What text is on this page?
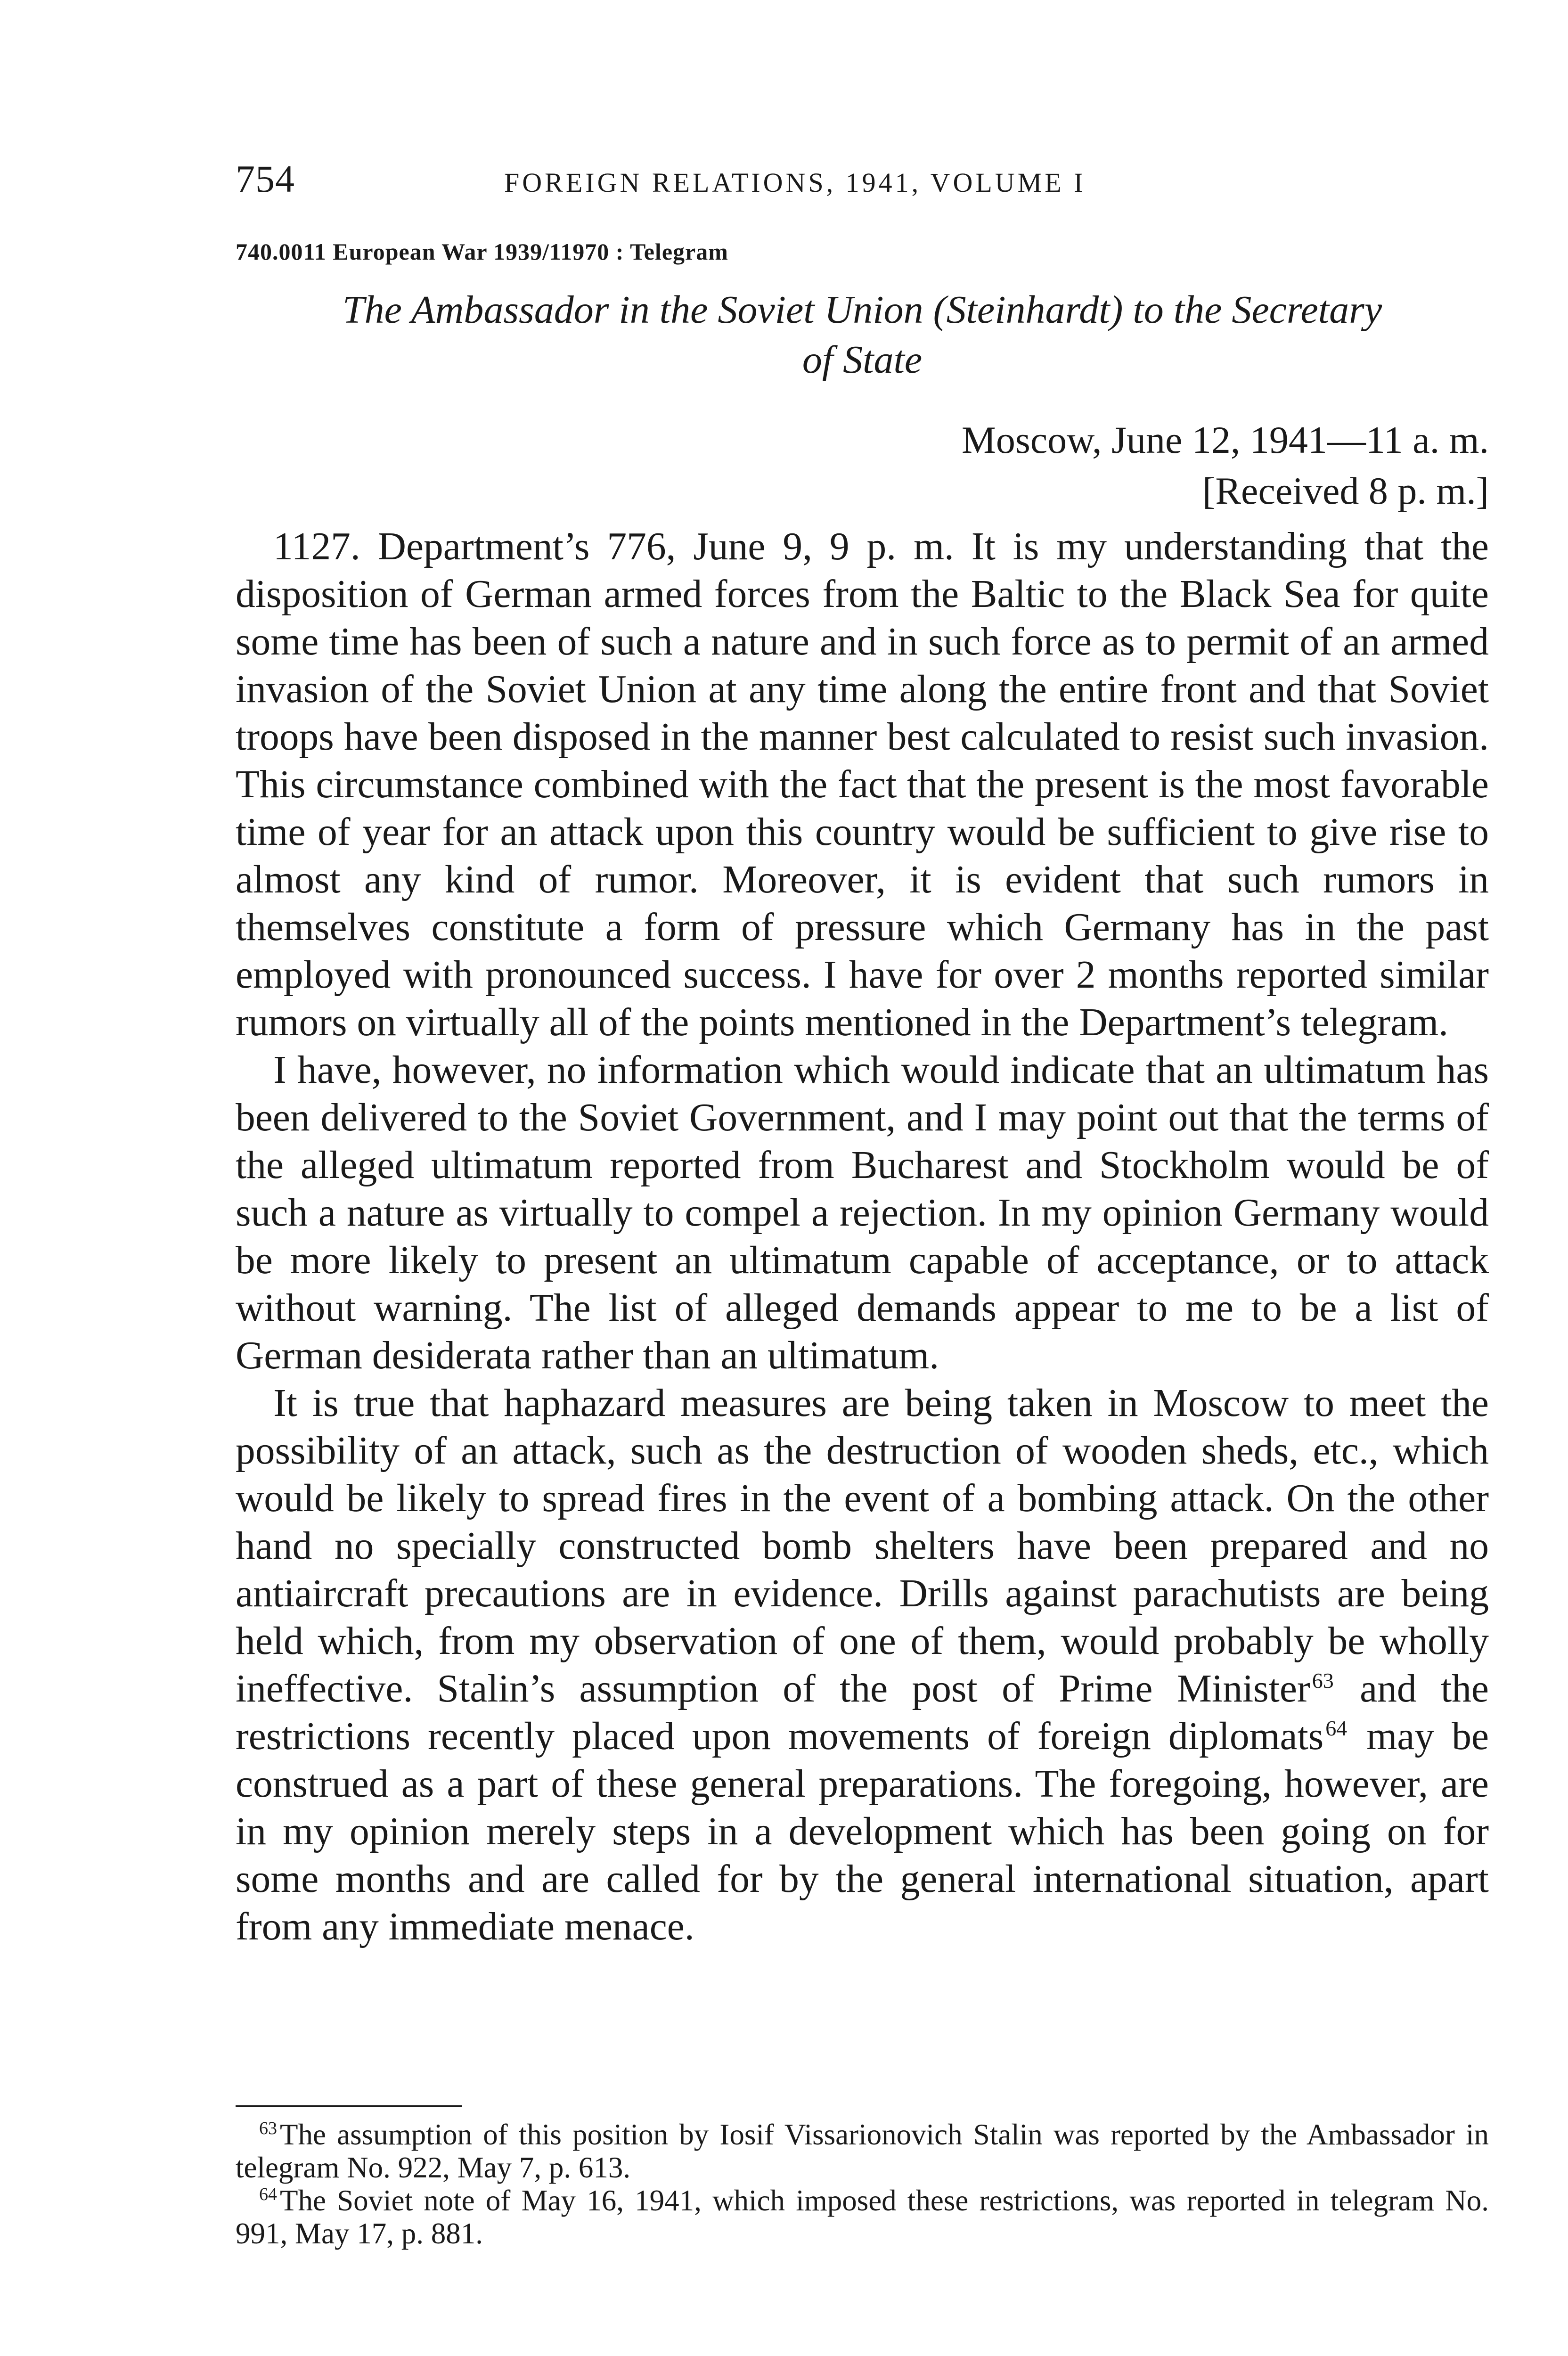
754	FOREIGN RELATIONS, 1941, VOLUME I
740.0011 European War 1939/11970 : Telegram
The Ambassador in the Soviet Union (Steinhardt) to the Secretary
of State
Moscow, June 12, 1941—11 a. m.
[Received 8 p. m.]

1127. Department’s 776, June 9, 9 p. m. It is my understanding that the disposition of German armed forces from the Baltic to the Black Sea for quite some time has been of such a nature and in such force as to permit of an armed invasion of the Soviet Union at any time along the entire front and that Soviet troops have been disposed in the manner best calculated to resist such invasion. This circumstance combined with the fact that the present is the most favorable time of year for an attack upon this country would be sufficient to give rise to almost any kind of rumor. Moreover, it is evident that such rumors in themselves constitute a form of pressure which Germany has in the past employed with pronounced success. I have for over 2 months reported similar rumors on virtually all of the points mentioned in the Department’s telegram.

I have, however, no information which would indicate that an ultimatum has been delivered to the Soviet Government, and I may point out that the terms of the alleged ultimatum reported from Bucharest and Stockholm would be of such a nature as virtually to compel a rejection. In my opinion Germany would be more likely to present an ultimatum capable of acceptance, or to attack without warning. The list of alleged demands appear to me to be a list of German desiderata rather than an ultimatum.

It is true that haphazard measures are being taken in Moscow to meet the possibility of an attack, such as the destruction of wooden sheds, etc., which would be likely to spread fires in the event of a bombing attack. On the other hand no specially constructed bomb shelters have been prepared and no antiaircraft precautions are in evidence. Drills against parachutists are being held which, from my observation of one of them, would probably be wholly ineffective. Stalin’s assumption of the post of Prime Minister$^{63}$ and the restrictions recently placed upon movements of foreign diplomats$^{64}$ may be construed as a part of these general preparations. The foregoing, however, are in my opinion merely steps in a development which has been going on for some months and are called for by the general international situation, apart from any immediate menace.

$^{63}$The assumption of this position by Iosif Vissarionovich Stalin was reported by the Ambassador in telegram No. 922, May 7, p. 613.

$^{64}$The Soviet note of May 16, 1941, which imposed these restrictions, was reported in telegram No. 991, May 17, p. 881.
